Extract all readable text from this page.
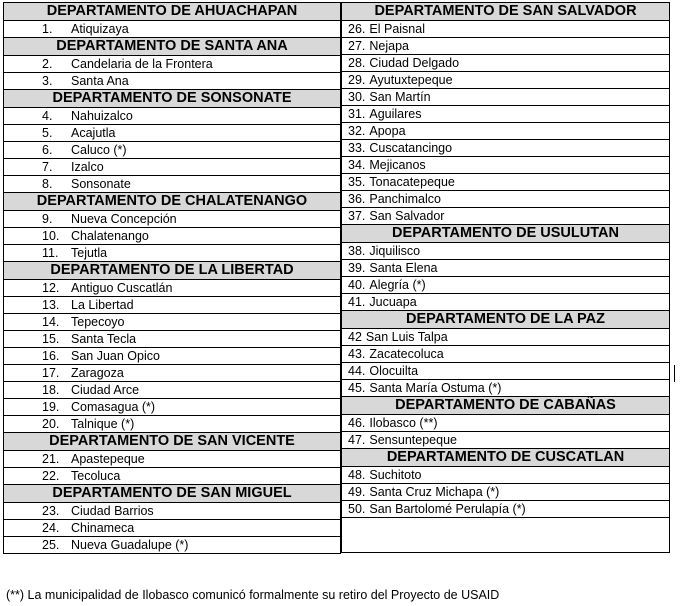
DEPARTAMENTO DE AHUACHAPAN
1. Atiquizaya
DEPARTAMENTO DE SANTA ANA
2. Candelaria de la Frontera
3. Santa Ana
DEPARTAMENTO DE SONSONATE
4. Nahuizalco
5. Acajutla
6. Caluco (*)
7. Izalco
8. Sonsonate
DEPARTAMENTO DE CHALATENANGO
9. Nueva Concepción
10. Chalatenango
11. Tejutla
DEPARTAMENTO DE LA LIBERTAD
12. Antiguo Cuscatlán
13. La Libertad
14. Tepecoyo
15. Santa Tecla
16. San Juan Opico
17. Zaragoza
18. Ciudad Arce
19. Comasagua (*)
20. Talnique (*)
DEPARTAMENTO DE SAN VICENTE
21. Apastepeque
22. Tecoluca
DEPARTAMENTO DE SAN MIGUEL
23. Ciudad Barrios
24. Chinameca
25. Nueva Guadalupe (*)
DEPARTAMENTO DE SAN SALVADOR
26. El Paisnal
27. Nejapa
28. Ciudad Delgado
29. Ayutuxtepeque
30. San Martín
31. Aguilares
32. Apopa
33. Cuscatancingo
34. Mejicanos
35. Tonacatepeque
36. Panchimalco
37. San Salvador
DEPARTAMENTO DE USULUTAN
38. Jiquilisco
39. Santa Elena
40. Alegría (*)
41. Jucuapa
DEPARTAMENTO DE LA PAZ
42 San Luis Talpa
43. Zacatecoluca
44. Olocuilta
45. Santa María Ostuma (*)
DEPARTAMENTO DE CABAÑAS
46. Ilobasco (**)
47. Sensuntepeque
DEPARTAMENTO DE CUSCATLAN
48. Suchitoto
49. Santa Cruz Michapa (*)
50. San Bartolomé Perulapía (*)
(**) La municipalidad de Ilobasco comunicó formalmente su retiro del Proyecto de USAID
